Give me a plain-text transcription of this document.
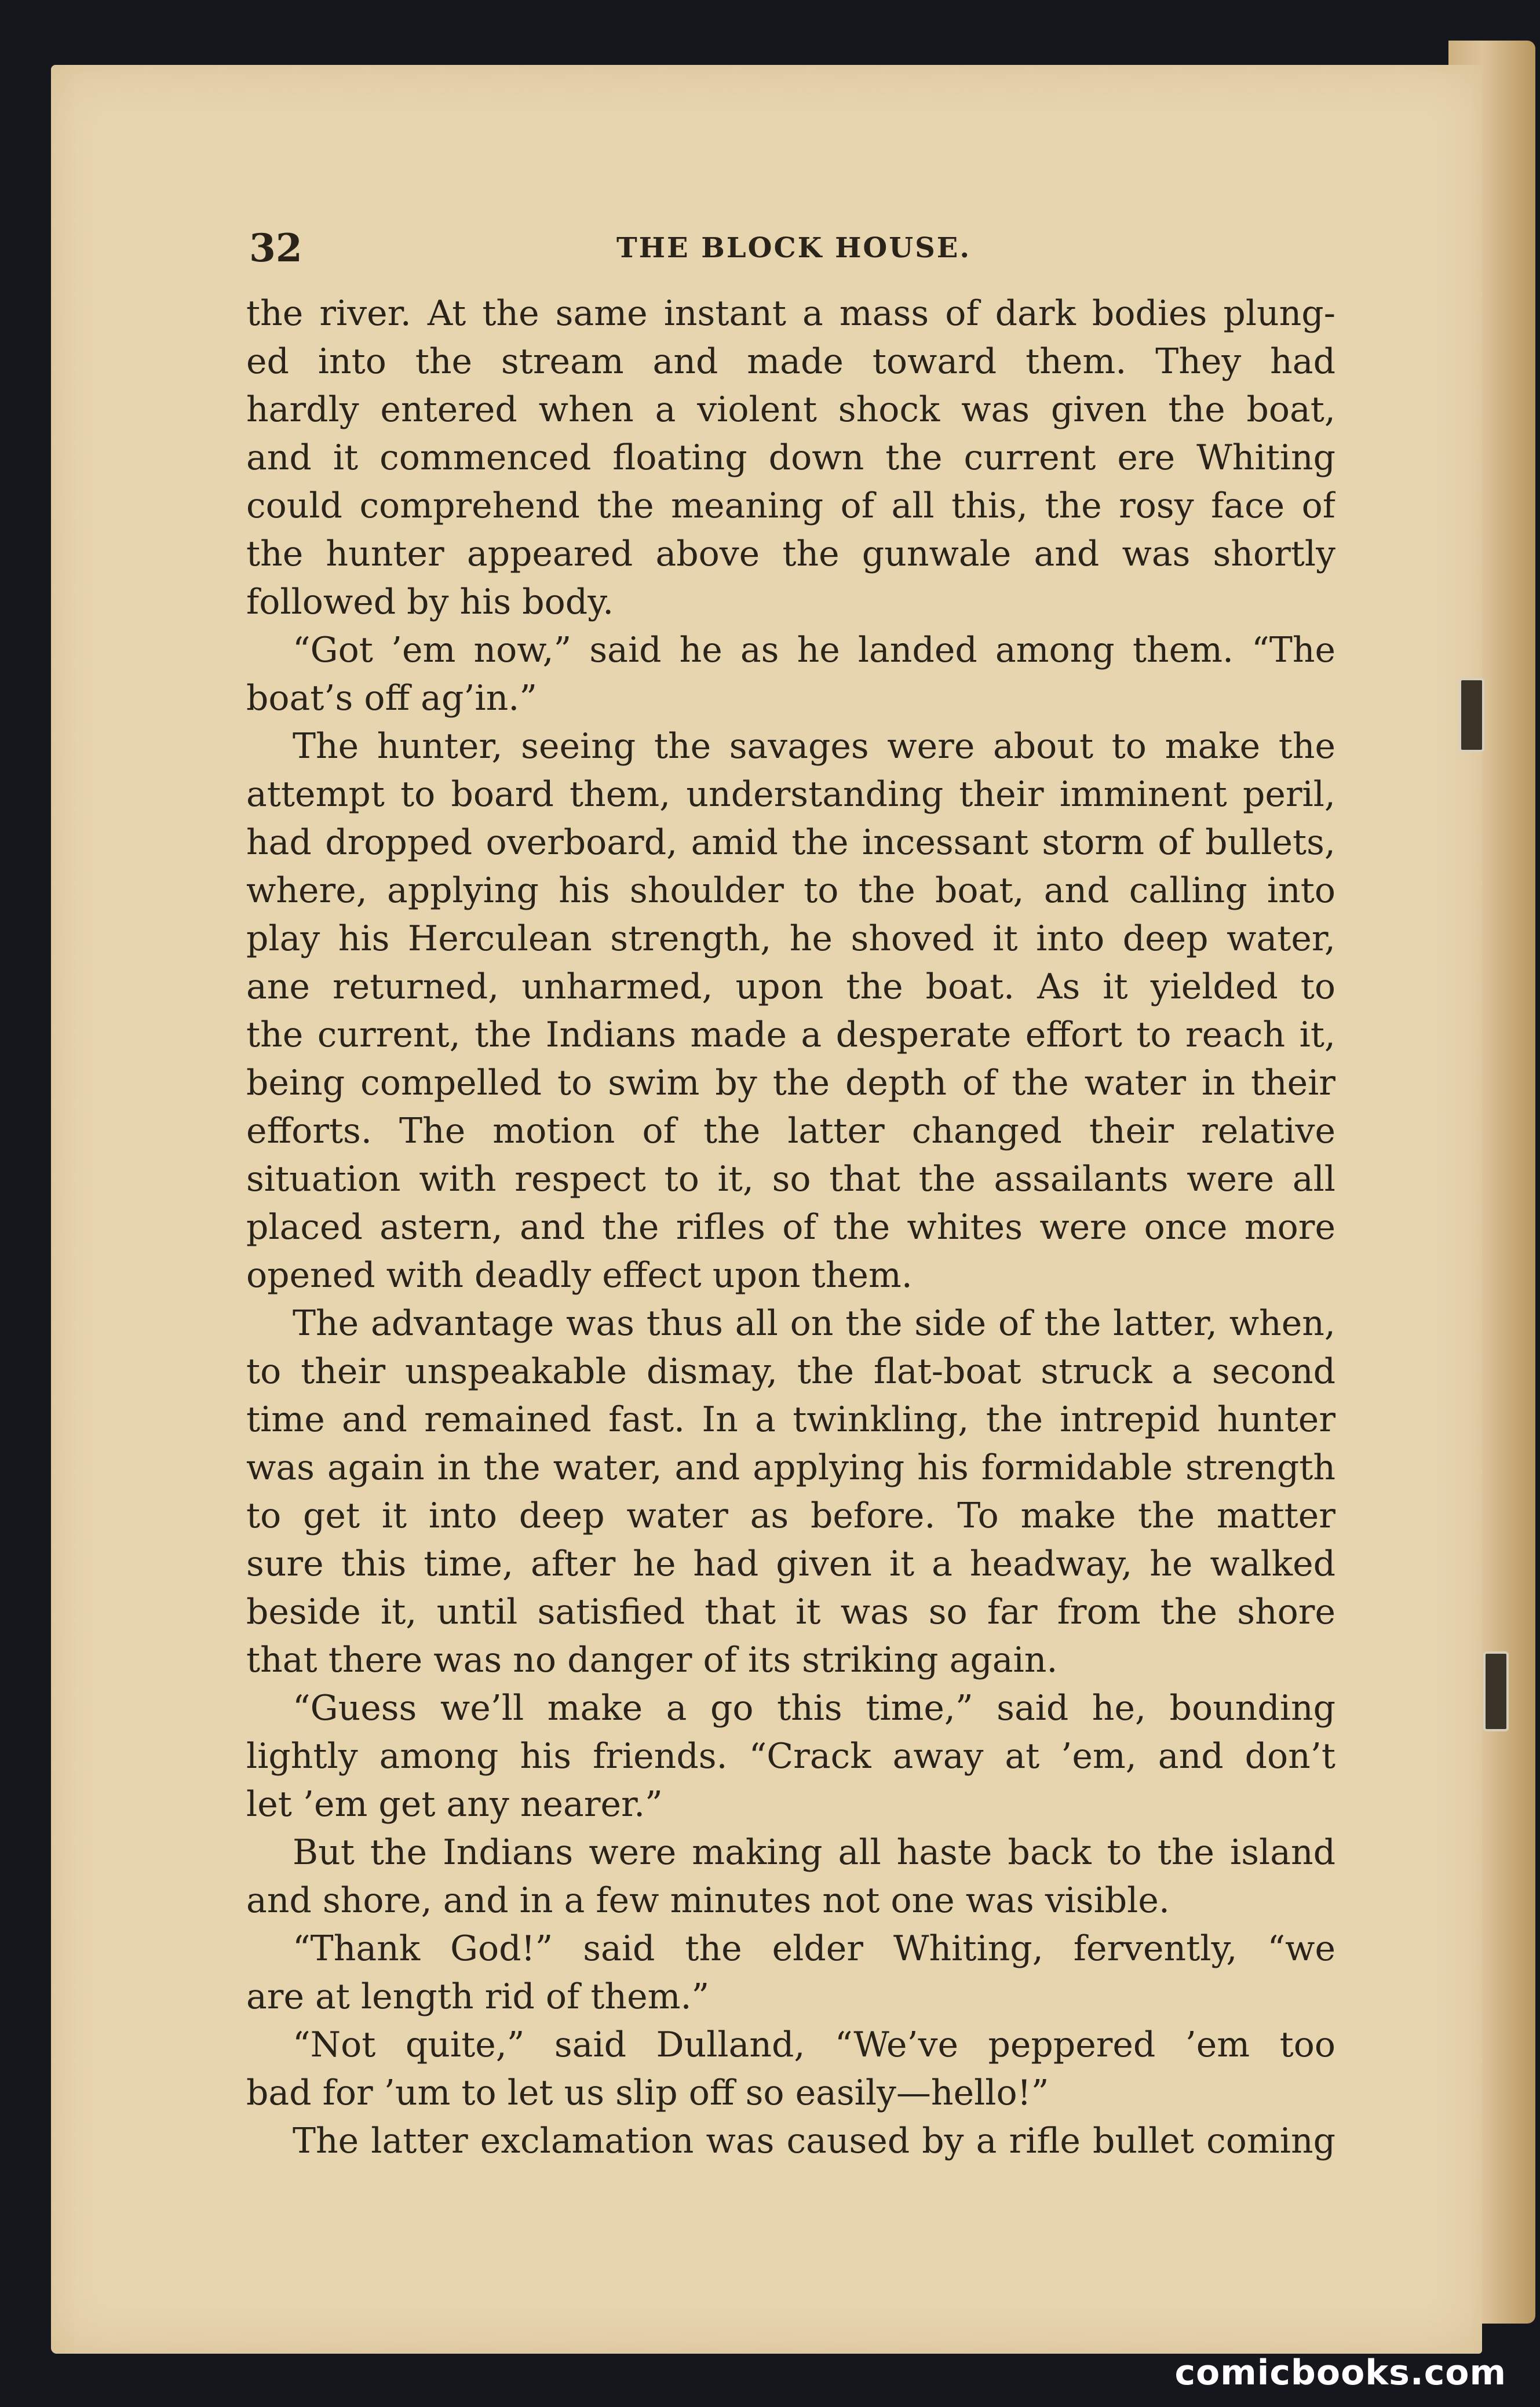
32	THE BLOCK HOUSE.
the river. At the same instant a mass of dark bodies plung-
ed into the stream and made toward them. They had
hardly entered when a violent shock was given the boat,
and it commenced floating down the current ere Whiting
could comprehend the meaning of all this, the rosy face of
the hunter appeared above the gunwale and was shortly
followed by his body.
“Got ’em now,” said he as he landed among them. “The
boat’s off ag’in.”
The hunter, seeing the savages were about to make the
attempt to board them, understanding their imminent peril,
had dropped overboard, amid the incessant storm of bullets,
where, applying his shoulder to the boat, and calling into
play his Herculean strength, he shoved it into deep water,
ane returned, unharmed, upon the boat. As it yielded to
the current, the Indians made a desperate effort to reach it,
being compelled to swim by the depth of the water in their
efforts. The motion of the latter changed their relative
situation with respect to it, so that the assailants were all
placed astern, and the rifles of the whites were once more
opened with deadly effect upon them.
The advantage was thus all on the side of the latter, when,
to their unspeakable dismay, the flat-boat struck a second
time and remained fast. In a twinkling, the intrepid hunter
was again in the water, and applying his formidable strength
to get it into deep water as before. To make the matter
sure this time, after he had given it a headway, he walked
beside it, until satisfied that it was so far from the shore
that there was no danger of its striking again.
“Guess we’ll make a go this time,” said he, bounding
lightly among his friends. “Crack away at ’em, and don’t
let ’em get any nearer.”
But the Indians were making all haste back to the island
and shore, and in a few minutes not one was visible.
“Thank God!” said the elder Whiting, fervently, “we
are at length rid of them.”
“Not quite,” said Dulland, “We’ve peppered ’em too
bad for ’um to let us slip off so easily—hello!”
The latter exclamation was caused by a rifle bullet coming
comicbooks.com
